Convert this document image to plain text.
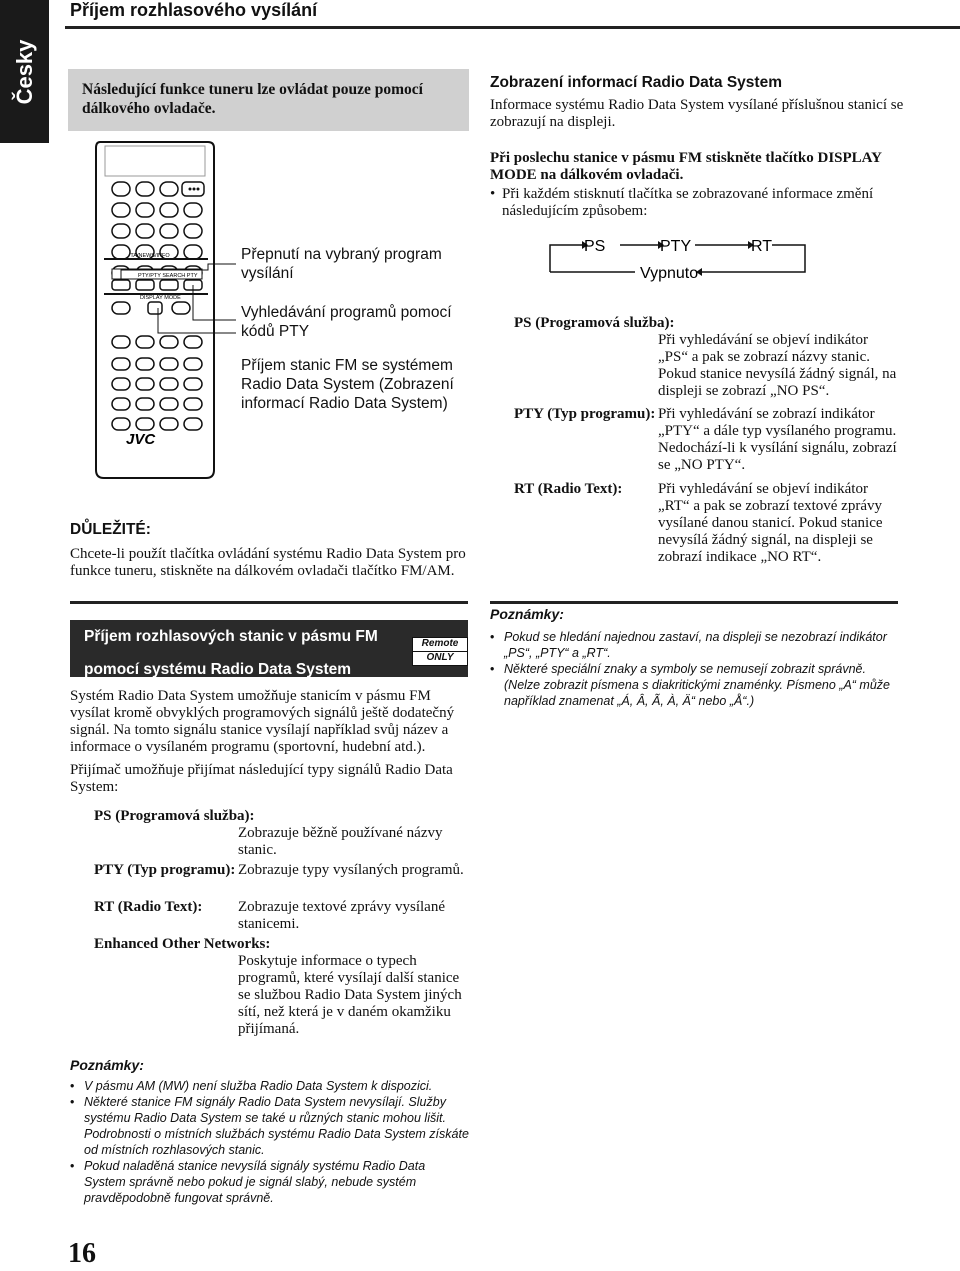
Česky
Příjem rozhlasového vysílání
Následující funkce tuneru lze ovládat pouze pomocí dálkového ovladače.
TA/NEWS/INFO
PTY/PTY SEARCH PTY
DISPLAY MODE
JVC
Přepnutí na vybraný program vysílání
Vyhledávání programů pomocí kódů PTY
Příjem stanic FM se systémem Radio Data System (Zobrazení informací Radio Data System)
DŮLEŽITÉ:
Chcete-li použít tlačítka ovládání systému Radio Data System pro funkce tuneru, stiskněte na dálkovém ovladači tlačítko FM/AM.
Příjem rozhlasových stanic v pásmu FM
pomocí systému Radio Data System
Remote
ONLY
Systém Radio Data System umožňuje stanicím v pásmu FM vysílat kromě obvyklých programových signálů ještě dodatečný signál. Na tomto signálu stanice vysílají například svůj název a informace o vysílaném programu (sportovní, hudební atd.).
Přijímač umožňuje přijímat následující typy signálů Radio Data System:
PS (Programová služba):
Zobrazuje běžně používané názvy stanic.
PTY (Typ programu): Zobrazuje typy vysílaných programů.
RT (Radio Text): Zobrazuje textové zprávy vysílané stanicemi.
Enhanced Other Networks:
Poskytuje informace o typech programů, které vysílají další stanice se službou Radio Data System jiných sítí, než která je v daném okamžiku přijímaná.
Poznámky:
• V pásmu AM (MW) není služba Radio Data System k dispozici.
• Některé stanice FM signály Radio Data System nevysílají. Služby systému Radio Data System se také u různých stanic mohou lišit. Podrobnosti o místních službách systému Radio Data System získáte od místních rozhlasových stanic.
• Pokud naladěná stanice nevysílá signály systému Radio Data System správně nebo pokud je signál slabý, nebude systém pravděpodobně fungovat správně.
16
Zobrazení informací Radio Data System
Informace systému Radio Data System vysílané příslušnou stanicí se zobrazují na displeji.
Při poslechu stanice v pásmu FM stiskněte tlačítko DISPLAY MODE na dálkovém ovladači.
• Při každém stisknutí tlačítka se zobrazované informace změní následujícím způsobem:
PS	PTY	RT
Vypnuto
PS (Programová služba):
Při vyhledávání se objeví indikátor „PS“ a pak se zobrazí názvy stanic. Pokud stanice nevysílá žádný signál, na displeji se zobrazí „NO PS“.
PTY (Typ programu): Při vyhledávání se zobrazí indikátor „PTY“ a dále typ vysílaného programu. Nedochází-li k vysílání signálu, zobrazí se „NO PTY“.
RT (Radio Text): Při vyhledávání se objeví indikátor „RT“ a pak se zobrazí textové zprávy vysílané danou stanicí. Pokud stanice nevysílá žádný signál, na displeji se zobrazí indikace „NO RT“.
Poznámky:
• Pokud se hledání najednou zastaví, na displeji se nezobrazí indikátor „PS“, „PTY“ a „RT“.
• Některé speciální znaky a symboly se nemusejí zobrazit správně. (Nelze zobrazit písmena s diakritickými znaménky. Písmeno „A“ může například znamenat „Á, Â, Ã, À, Ä“ nebo „Å“.)
